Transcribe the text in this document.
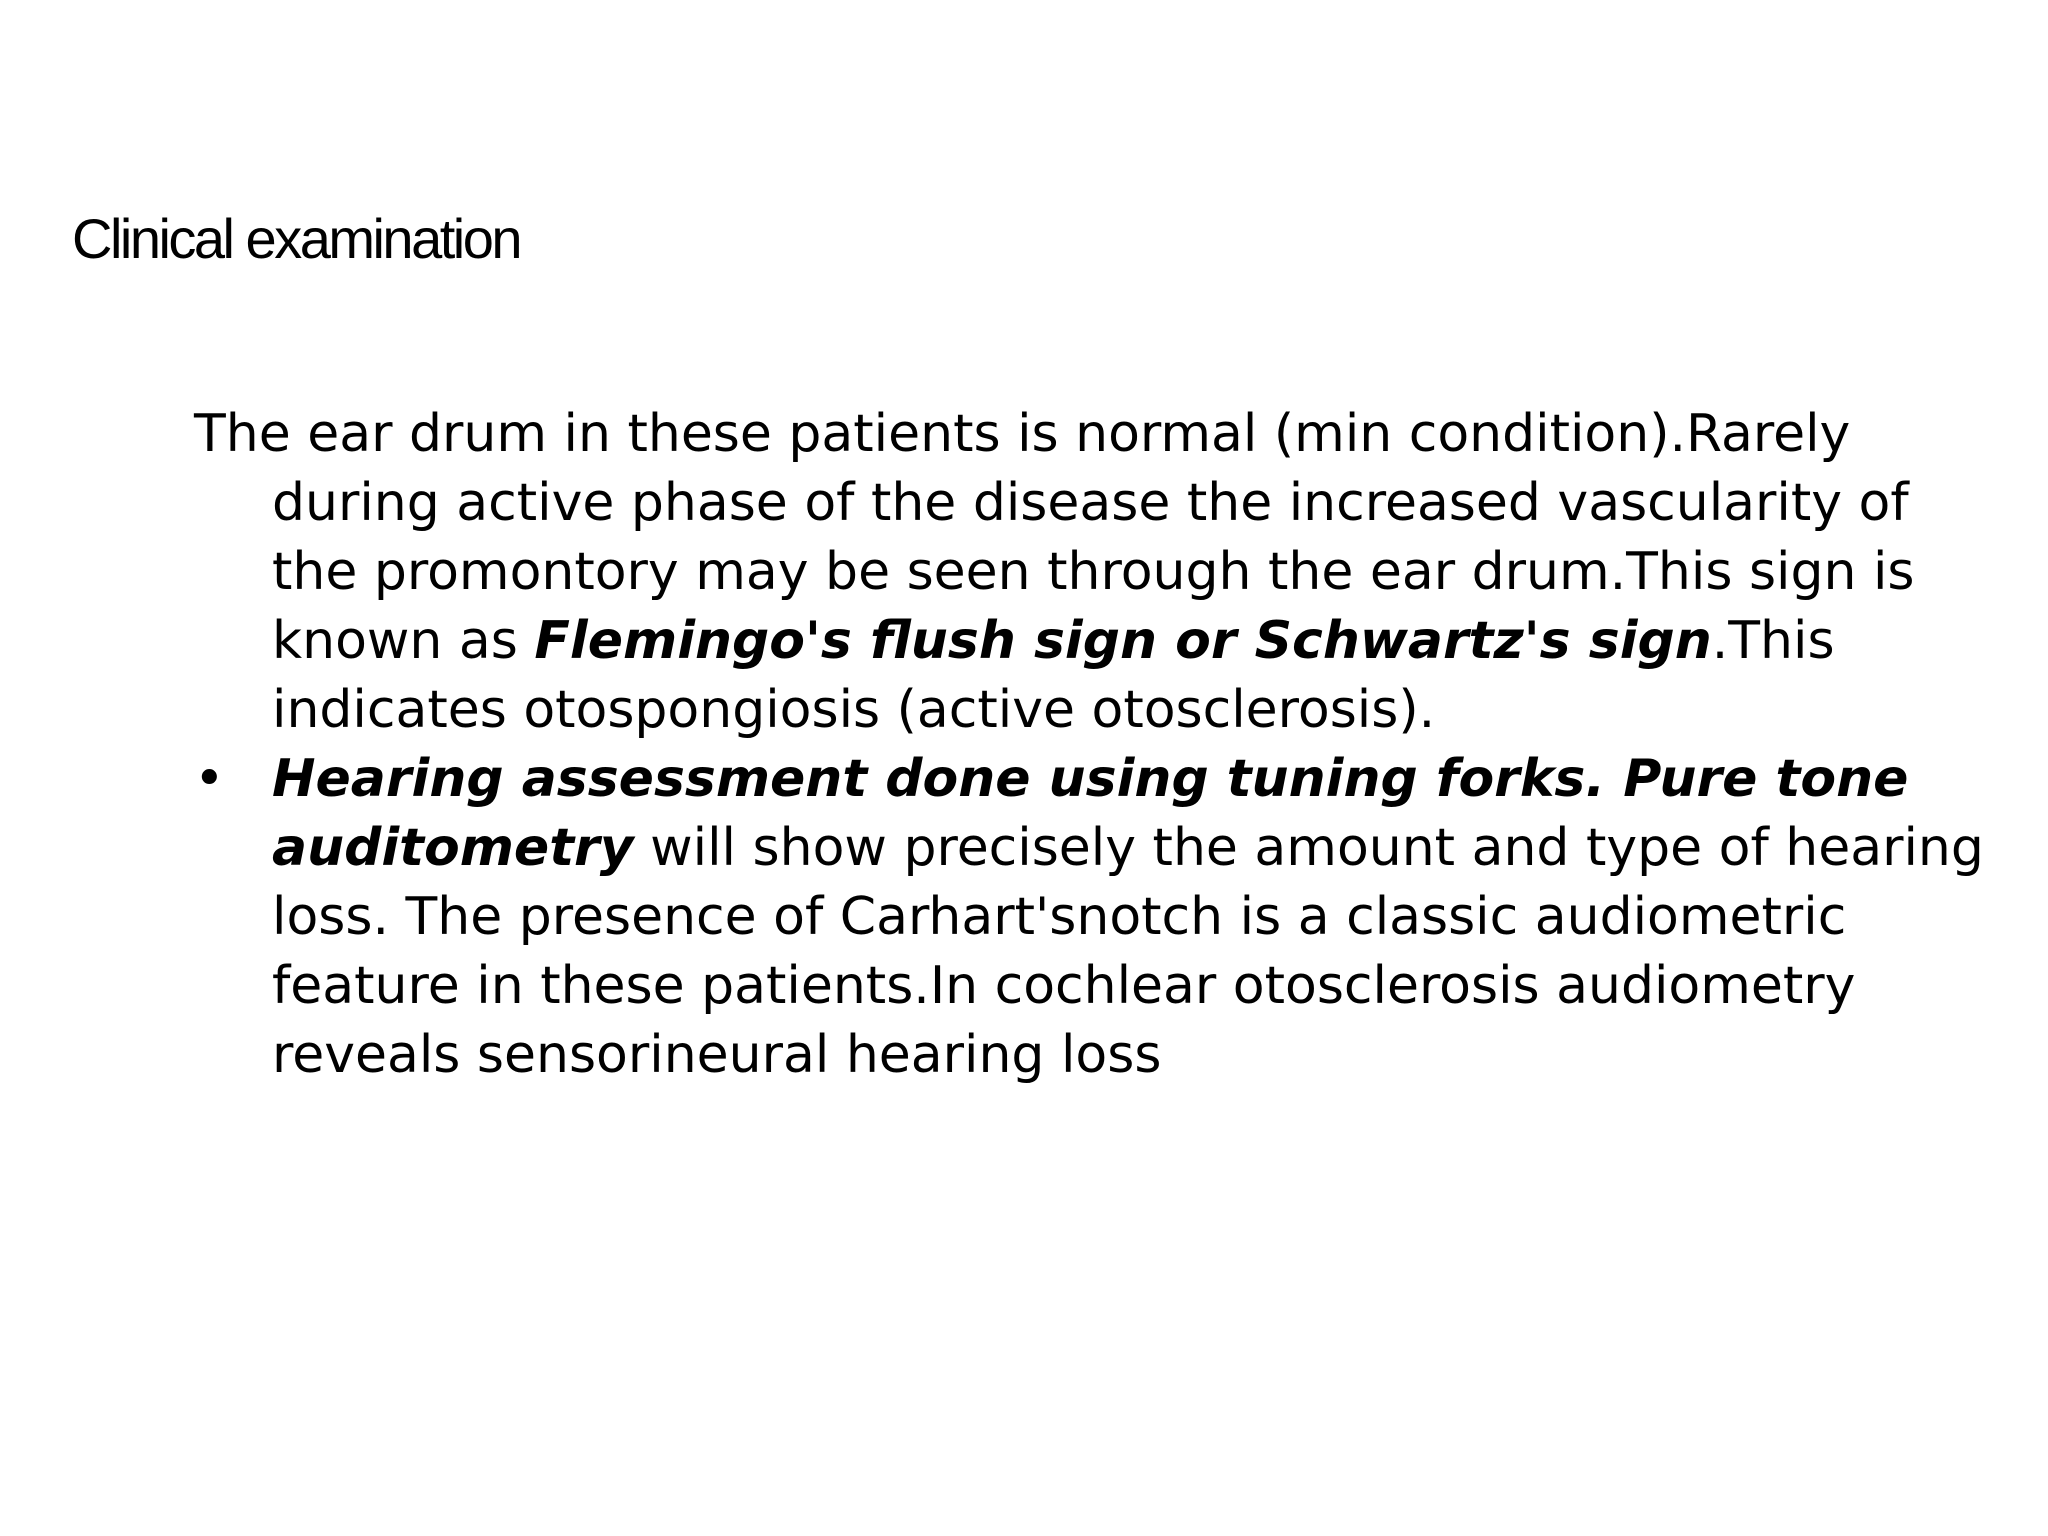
Clinical examination

The ear drum in these patients is normal (min condition).Rarely during active phase of the disease the increased vascularity of the promontory may be seen through the ear drum.This sign is known as Flemingo's flush sign or Schwartz's sign.This indicates otospongiosis (active otosclerosis).

• Hearing assessment done using tuning forks. Pure tone auditometry will show precisely the amount and type of hearing loss. The presence of Carhart'snotch is a classic audiometric feature in these patients.In cochlear otosclerosis audiometry reveals sensorineural hearing loss
